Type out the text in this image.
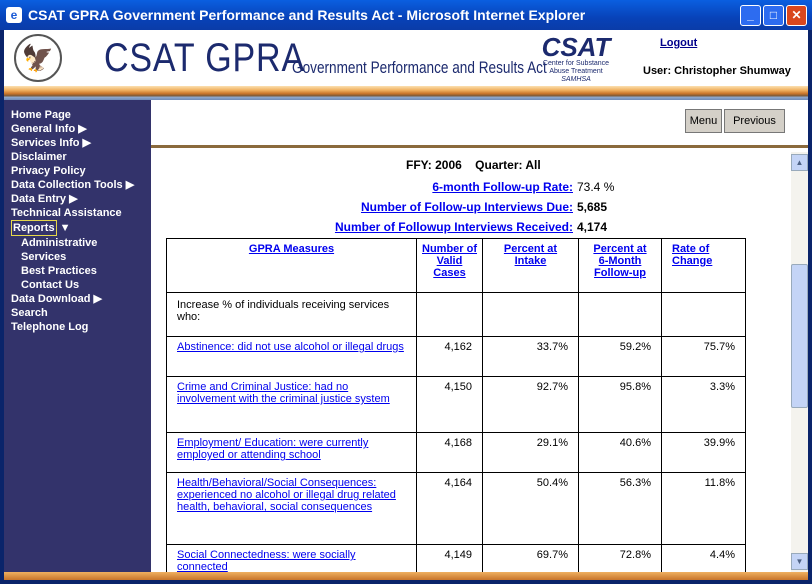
e CSAT GPRA Government Performance and Results Act - Microsoft Internet Explorer	_	□	✕
🦅 CSAT GPRA
Government Performance and Results Act
CSAT
Center for Substance
Abuse Treatment
SAMHSA
Logout
User: Christopher Shumway
Home Page
General Info ▶
Services Info ▶
Disclaimer
Privacy Policy
Data Collection Tools ▶
Data Entry ▶
Technical Assistance
Reports ▼
Administrative
Services
Best Practices
Contact Us
Data Download ▶
Search
Telephone Log
Menu	Previous
FFY: 2006 Quarter: All
6-month Follow-up Rate: 73.4 %
Number of Follow-up Interviews Due: 5,685
Number of Followup Interviews Received: 4,174
GPRA Measures	Number of Valid Cases	Percent at Intake	Percent at 6-Month Follow-up	Rate of Change

Increase % of individuals receiving services who:				
Abstinence: did not use alcohol or illegal drugs	4,162	33.7%	59.2%	75.7%
Crime and Criminal Justice: had no involvement with the criminal justice system	4,150	92.7%	95.8%	3.3%
Employment/ Education: were currently employed or attending school	4,168	29.1%	40.6%	39.9%
Health/Behavioral/Social Consequences: experienced no alcohol or illegal drug related health, behavioral, social consequences	4,164	50.4%	56.3%	11.8%
Social Connectedness: were socially connected	4,149	69.7%	72.8%	4.4%
▲
▼
